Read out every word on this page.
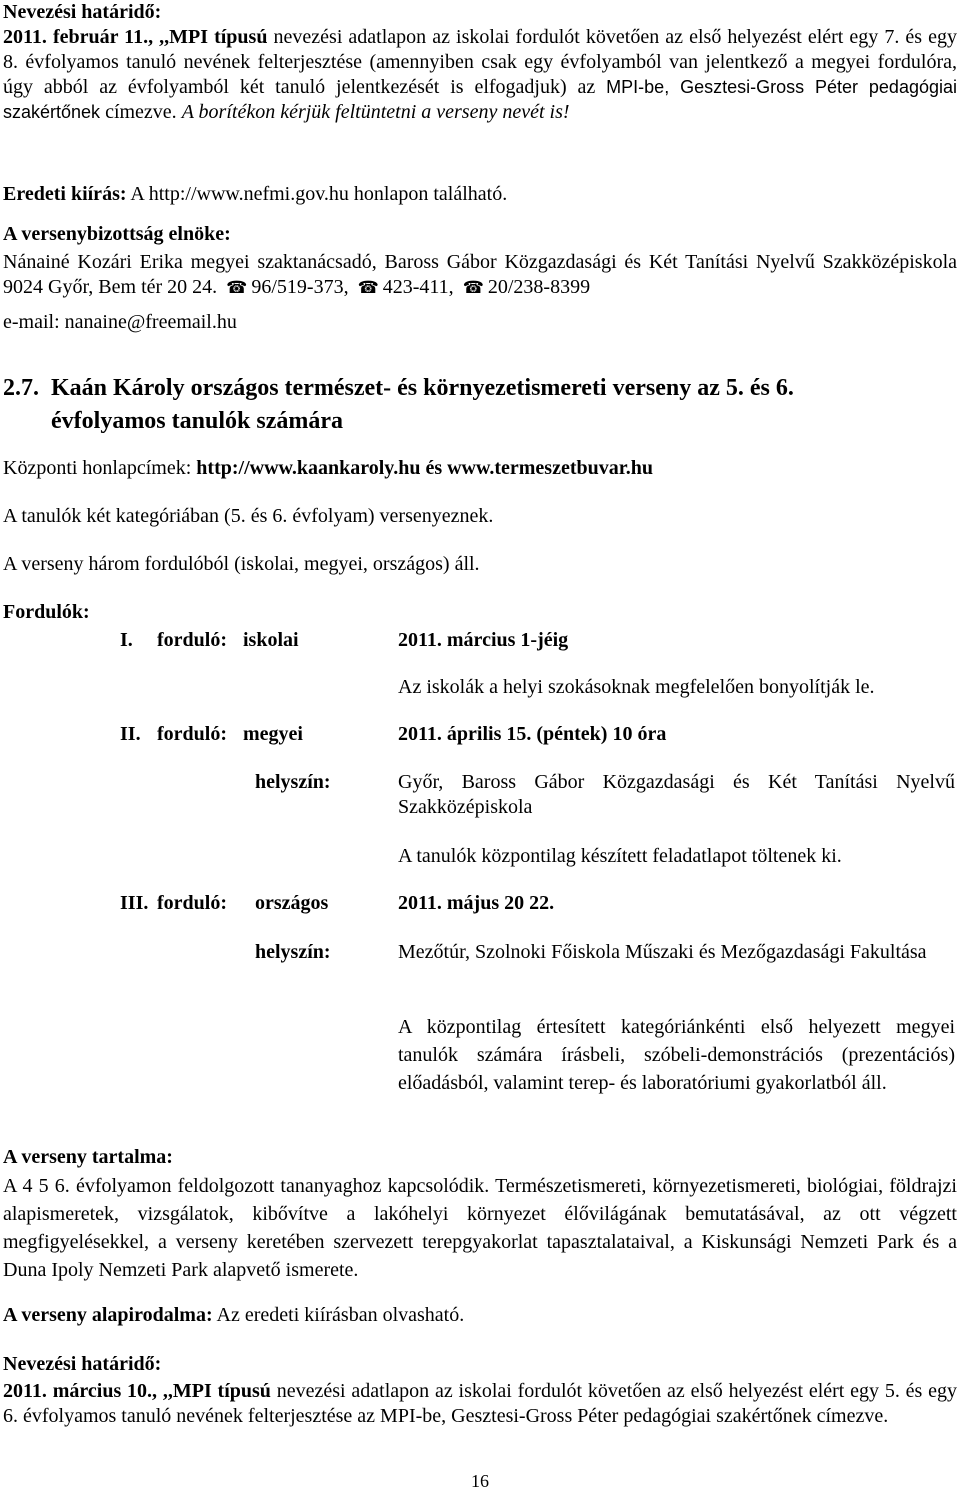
Nevezési határidő:
2011. február 11., ,,MPI típusú nevezési adatlapon az iskolai fordulót követően az első helyezést elért egy 7. és egy 8. évfolyamos tanuló nevének felterjesztése (amennyiben csak egy évfolyamból van jelentkező a megyei fordulóra, úgy abból az évfolyamból két tanuló jelentkezését is elfogadjuk) az MPI-be, Gesztesi-Gross Péter pedagógiai szakértőnek címezve. A borítékon kérjük feltüntetni a verseny nevét is!
Eredeti kiírás: A http://www.nefmi.gov.hu honlapon található.
A versenybizottság elnöke:
Nánainé Kozári Erika megyei szaktanácsadó, Baross Gábor Közgazdasági és Két Tanítási Nyelvű Szakközépiskola 9024 Győr, Bem tér 20 24. ☎ 96/519-373, ☎ 423-411, ☎ 20/238-8399
e-mail: nanaine@freemail.hu
2.7. Kaán Károly országos természet- és környezetismereti verseny az 5. és 6.
évfolyamos tanulók számára
Központi honlapcímek: http://www.kaankaroly.hu és www.termeszetbuvar.hu
A tanulók két kategóriában (5. és 6. évfolyam) versenyeznek.
A verseny három fordulóból (iskolai, megyei, országos) áll.
Fordulók:
I. forduló: iskolai	2011. március 1-jéig
Az iskolák a helyi szokásoknak megfelelően bonyolítják le.
II. forduló: megyei	2011. április 15. (péntek) 10 óra
helyszín:	Győr, Baross Gábor Közgazdasági és Két Tanítási Nyelvű Szakközépiskola
A tanulók központilag készített feladatlapot töltenek ki.
III. forduló: országos	2011. május 20 22.
helyszín:	Mezőtúr, Szolnoki Főiskola Műszaki és Mezőgazdasági Fakultása
A központilag értesített kategóriánkénti első helyezett megyei tanulók számára írásbeli, szóbeli-demonstrációs (prezentációs) előadásból, valamint terep- és laboratóriumi gyakorlatból áll.
A verseny tartalma:
A 4 5 6. évfolyamon feldolgozott tananyaghoz kapcsolódik. Természetismereti, környezetismereti, biológiai, földrajzi alapismeretek, vizsgálatok, kibővítve a lakóhelyi környezet élővilágának bemutatásával, az ott végzett megfigyelésekkel, a verseny keretében szervezett terepgyakorlat tapasztalataival, a Kiskunsági Nemzeti Park és a Duna Ipoly Nemzeti Park alapvető ismerete.
A verseny alapirodalma: Az eredeti kiírásban olvasható.
Nevezési határidő:
2011. március 10., ,,MPI típusú nevezési adatlapon az iskolai fordulót követően az első helyezést elért egy 5. és egy 6. évfolyamos tanuló nevének felterjesztése az MPI-be, Gesztesi-Gross Péter pedagógiai szakértőnek címezve.
16
